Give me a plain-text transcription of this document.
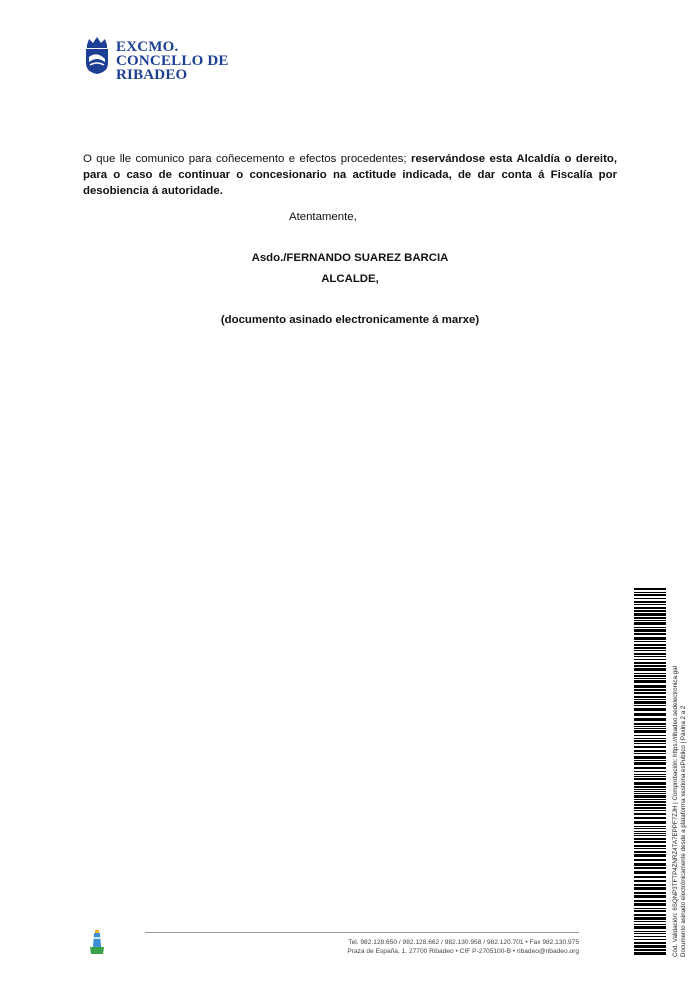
EXCMO.
CONCELLO DE RIBADEO
O que lle comunico para coñecemento e efectos procedentes; reservándose esta Alcaldía o dereito, para o caso de continuar o concesionario na actitude indicada, de dar conta á Fiscalía por desobiencia á autoridade.
Atentamente,
Asdo./FERNANDO SUAREZ BARCIA
ALCALDE,
(documento asinado electronicamente á marxe)
Cód. Validación: 6SQNP3TFTP4ZNRZ4TA7EPPF7ZJH | Comprobación: https://ribadeo.sedelectronica.gal Documento asinado electrónicamente desde a plataforma xestiona esPublico | Páxina 2 a 2
Tel. 982.128.650 / 982.128.662 / 982.130.958 / 982.120.701 • Fax 982.130.975
Praza de España, 1. 27700 Ribadeo • CIF P-2705100-B • ribadeo@ribadeo.org
